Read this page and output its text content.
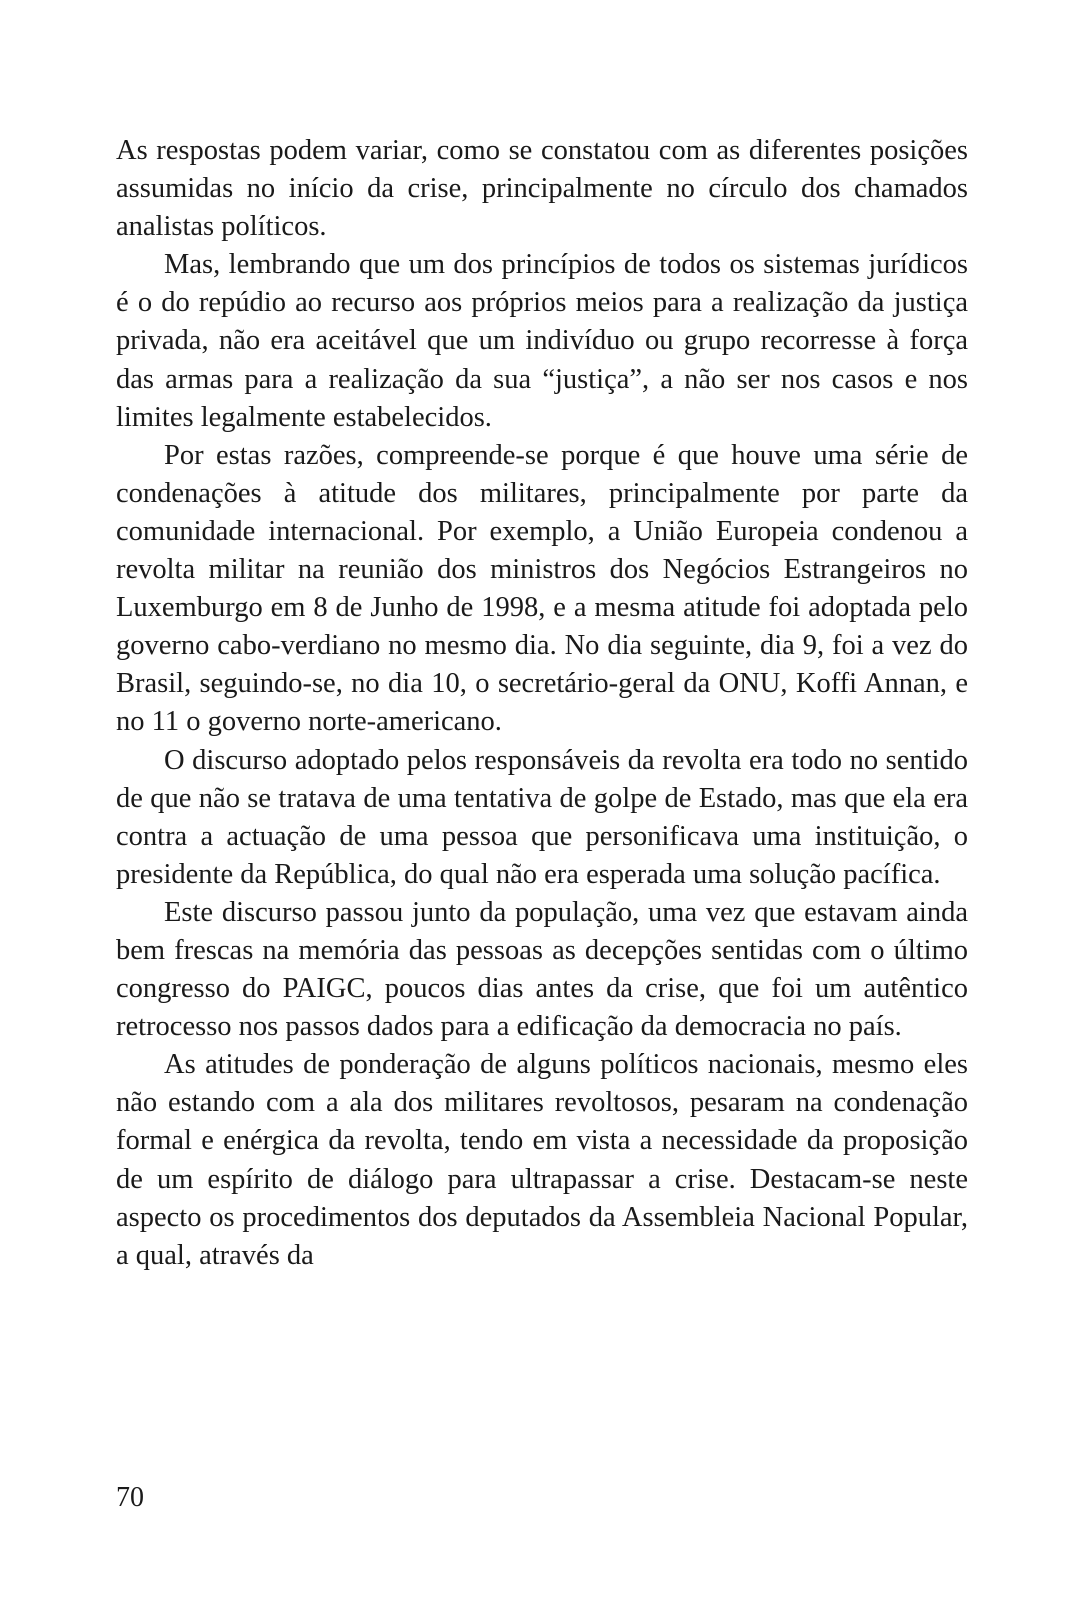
As respostas podem variar, como se constatou com as diferentes posições assumidas no início da crise, principalmente no círculo dos chamados analistas políticos.

Mas, lembrando que um dos princípios de todos os sistemas jurídicos é o do repúdio ao recurso aos próprios meios para a realização da justiça privada, não era aceitável que um indivíduo ou grupo recorresse à força das armas para a realização da sua “justiça”, a não ser nos casos e nos limites legalmente estabelecidos.

Por estas razões, compreende-se porque é que houve uma série de condenações à atitude dos militares, principalmente por parte da comunidade internacional. Por exemplo, a União Europeia condenou a revolta militar na reunião dos ministros dos Negócios Estrangeiros no Luxemburgo em 8 de Junho de 1998, e a mesma atitude foi adoptada pelo governo cabo-verdiano no mesmo dia. No dia seguinte, dia 9, foi a vez do Brasil, seguindo-se, no dia 10, o secretário-geral da ONU, Koffi Annan, e no 11 o governo norte-americano.

O discurso adoptado pelos responsáveis da revolta era todo no sentido de que não se tratava de uma tentativa de golpe de Estado, mas que ela era contra a actuação de uma pessoa que personificava uma instituição, o presidente da República, do qual não era esperada uma solução pacífica.

Este discurso passou junto da população, uma vez que estavam ainda bem frescas na memória das pessoas as decepções sentidas com o último congresso do PAIGC, poucos dias antes da crise, que foi um autêntico retrocesso nos passos dados para a edificação da democracia no país.

As atitudes de ponderação de alguns políticos nacionais, mesmo eles não estando com a ala dos militares revoltosos, pesaram na condenação formal e enérgica da revolta, tendo em vista a necessidade da proposição de um espírito de diálogo para ultrapassar a crise. Destacam-se neste aspecto os procedimentos dos deputados da Assembleia Nacional Popular, a qual, através da

70
